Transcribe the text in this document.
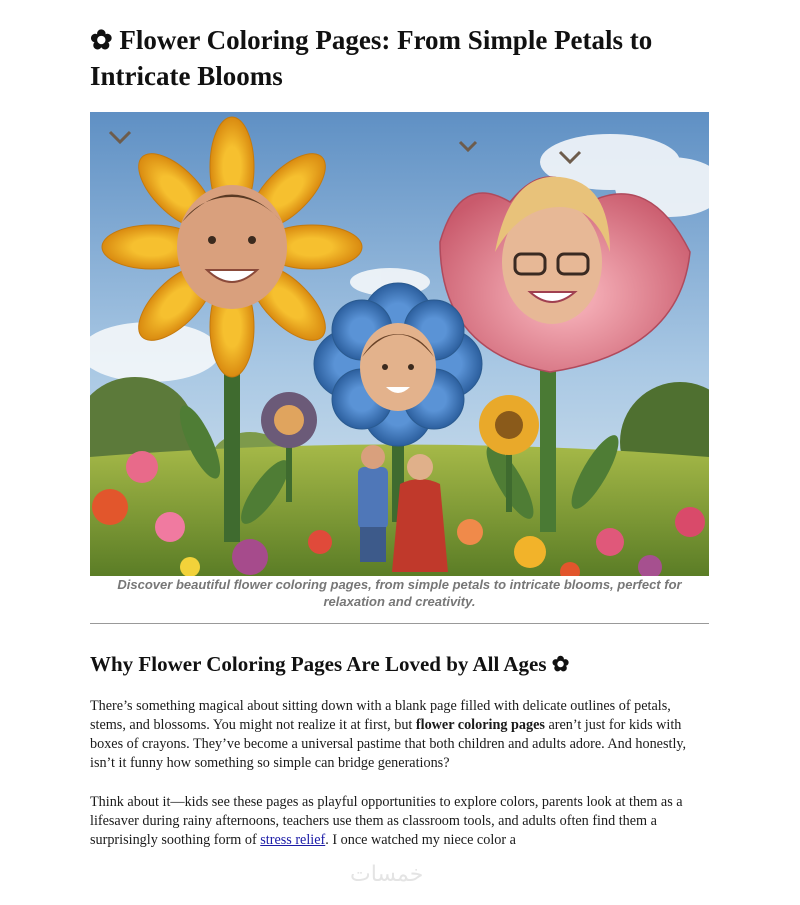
✿ Flower Coloring Pages: From Simple Petals to Intricate Blooms
Discover beautiful flower coloring pages, from simple petals to intricate blooms, perfect for relaxation and creativity.
Why Flower Coloring Pages Are Loved by All Ages ✿

There’s something magical about sitting down with a blank page filled with delicate outlines of petals, stems, and blossoms. You might not realize it at first, but flower coloring pages aren’t just for kids with boxes of crayons. They’ve become a universal pastime that both children and adults adore. And honestly, isn’t it funny how something so simple can bridge generations?

Think about it—kids see these pages as playful opportunities to explore colors, parents look at them as a lifesaver during rainy afternoons, teachers use them as classroom tools, and adults often find them a surprisingly soothing form of stress relief. I once watched my niece color a

خمسات
